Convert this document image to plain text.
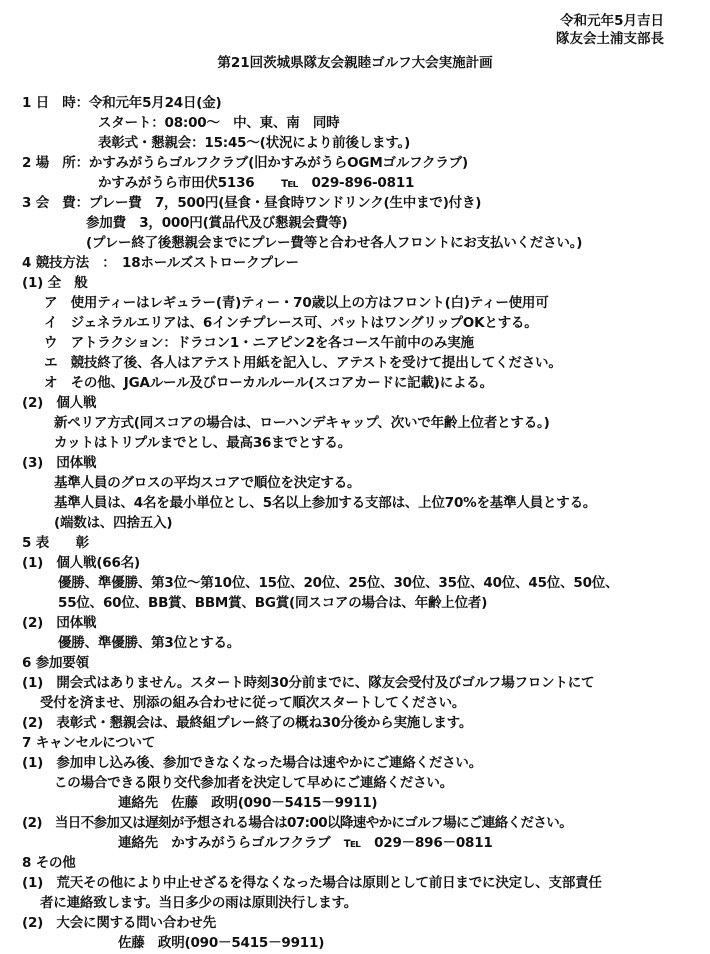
令和元年5月吉日
隊友会土浦支部長
第21回茨城県隊友会親睦ゴルフ大会実施計画
1 日　時：令和元年5月24日(金)
スタート：08:00～　中、東、南　同時
表彰式・懇親会：15:45～(状況により前後します。)
2 場　所：かすみがうらゴルフクラブ(旧かすみがうらOGMゴルフクラブ)
かすみがうら市田伏5136　　℡　029-896-0811
3 会　費：プレー費　7，500円(昼食・昼食時ワンドリンク(生中まで)付き)
参加費　3，000円(賞品代及び懇親会費等)
(プレー終了後懇親会までにプレー費等と合わせ各人フロントにお支払いください。)
4 競技方法　：　18ホールズストロークプレー
(1) 全　般
ア　使用ティーはレギュラー(青)ティー・70歳以上の方はフロント(白)ティー使用可
イ　ジェネラルエリアは、6インチプレース可、パットはワングリップOKとする。
ウ　アトラクション：ドラコン1・ニアピン2を各コース午前中のみ実施
エ　競技終了後、各人はアテスト用紙を記入し、アテストを受けて提出してください。
オ　その他、JGAルール及びローカルルール(スコアカードに記載)による。
(2)　個人戦
新ペリア方式(同スコアの場合は、ローハンデキャップ、次いで年齢上位者とする。)
カットはトリプルまでとし、最高36までとする。
(3)　団体戦
基準人員のグロスの平均スコアで順位を決定する。
基準人員は、4名を最小単位とし、5名以上参加する支部は、上位70%を基準人員とする。
(端数は、四捨五入)
5 表　　彰
(1)　個人戦(66名)
優勝、準優勝、第3位～第10位、15位、20位、25位、30位、35位、40位、45位、50位、
55位、60位、BB賞、BBM賞、BG賞(同スコアの場合は、年齢上位者)
(2)　団体戦
優勝、準優勝、第3位とする。
6 参加要領
(1)　開会式はありません。スタート時刻30分前までに、隊友会受付及びゴルフ場フロントにて
受付を済ませ、別添の組み合わせに従って順次スタートしてください。
(2)　表彰式・懇親会は、最終組プレー終了の概ね30分後から実施します。
7 キャンセルについて
(1)　参加申し込み後、参加できなくなった場合は速やかにご連絡ください。
この場合できる限り交代参加者を決定して早めにご連絡ください。
連絡先　佐藤　政明(090－5415－9911)
(2)　当日不参加又は遅刻が予想される場合は07:00以降速やかにゴルフ場にご連絡ください。
連絡先　かすみがうらゴルフクラブ　℡　029－896－0811
8 その他
(1)　荒天その他により中止せざるを得なくなった場合は原則として前日までに決定し、支部責任
者に連絡致します。当日多少の雨は原則決行します。
(2)　大会に関する問い合わせ先
佐藤　政明(090－5415－9911)
